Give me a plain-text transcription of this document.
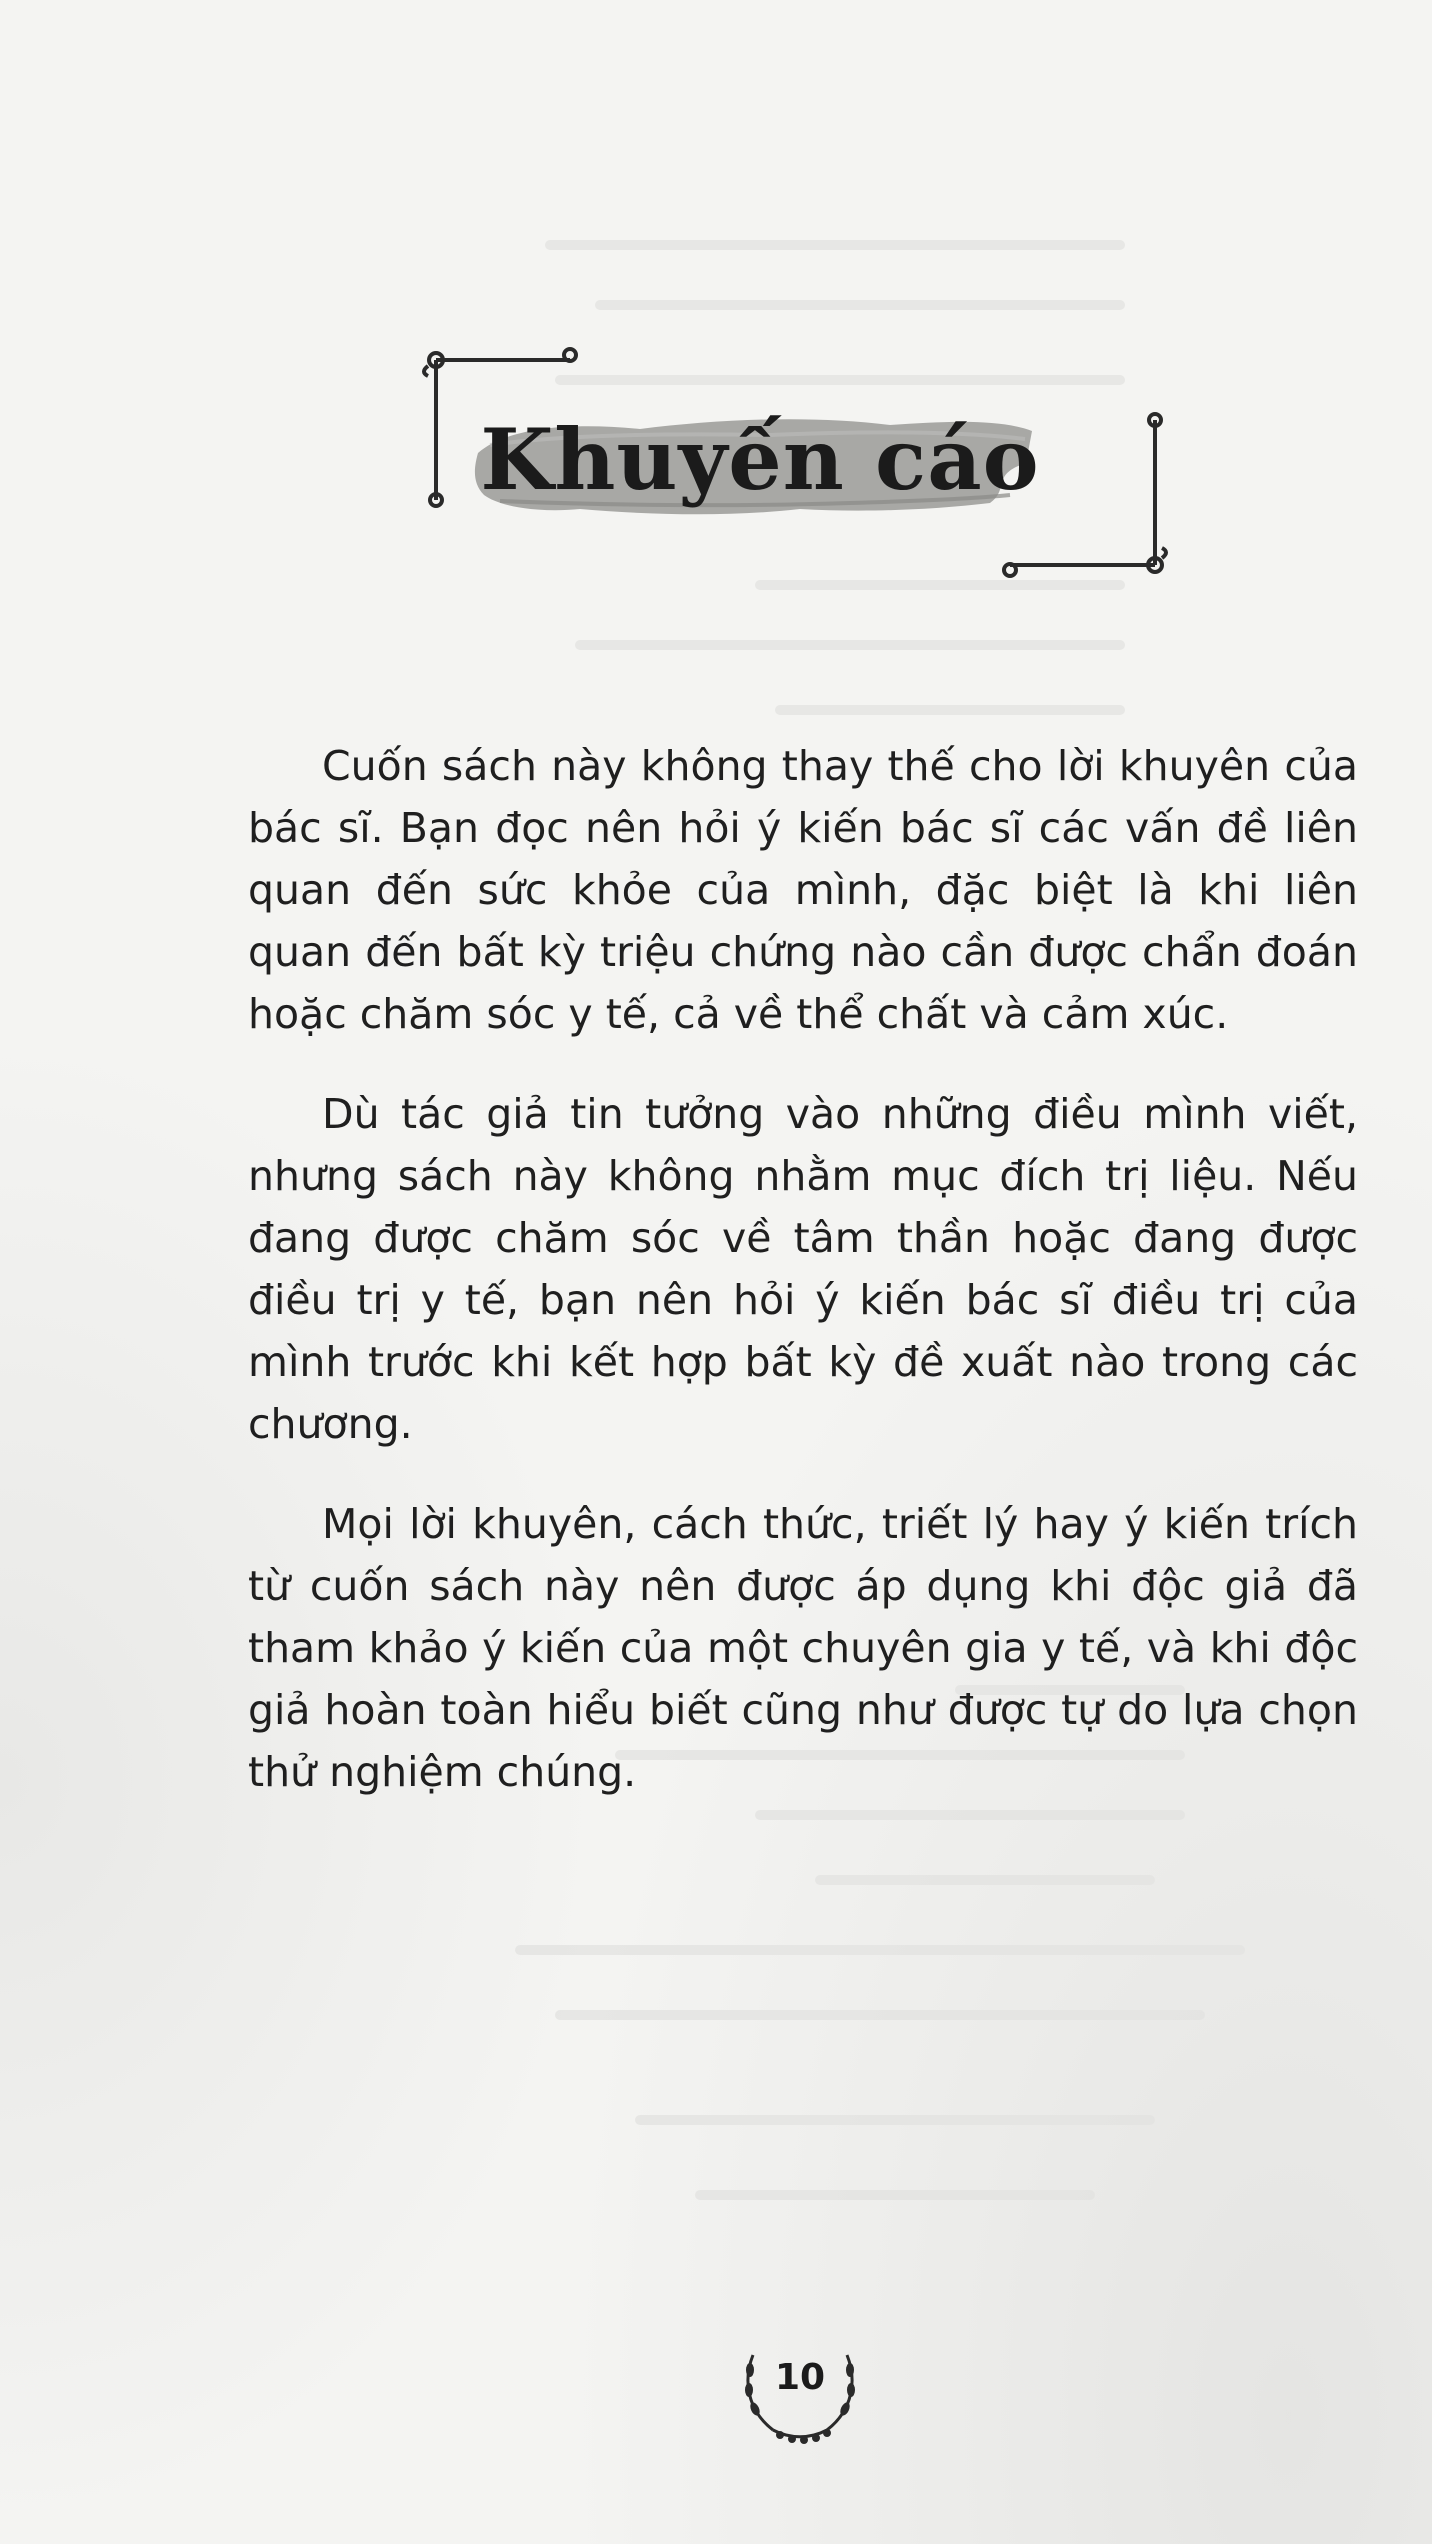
Khuyến cáo

Cuốn sách này không thay thế cho lời khuyên của bác sĩ. Bạn đọc nên hỏi ý kiến bác sĩ các vấn đề liên quan đến sức khỏe của mình, đặc biệt là khi liên quan đến bất kỳ triệu chứng nào cần được chẩn đoán hoặc chăm sóc y tế, cả về thể chất và cảm xúc.

Dù tác giả tin tưởng vào những điều mình viết, nhưng sách này không nhằm mục đích trị liệu. Nếu đang được chăm sóc về tâm thần hoặc đang được điều trị y tế, bạn nên hỏi ý kiến bác sĩ điều trị của mình trước khi kết hợp bất kỳ đề xuất nào trong các chương.

Mọi lời khuyên, cách thức, triết lý hay ý kiến trích từ cuốn sách này nên được áp dụng khi độc giả đã tham khảo ý kiến của một chuyên gia y tế, và khi độc giả hoàn toàn hiểu biết cũng như được tự do lựa chọn thử nghiệm chúng.

10
